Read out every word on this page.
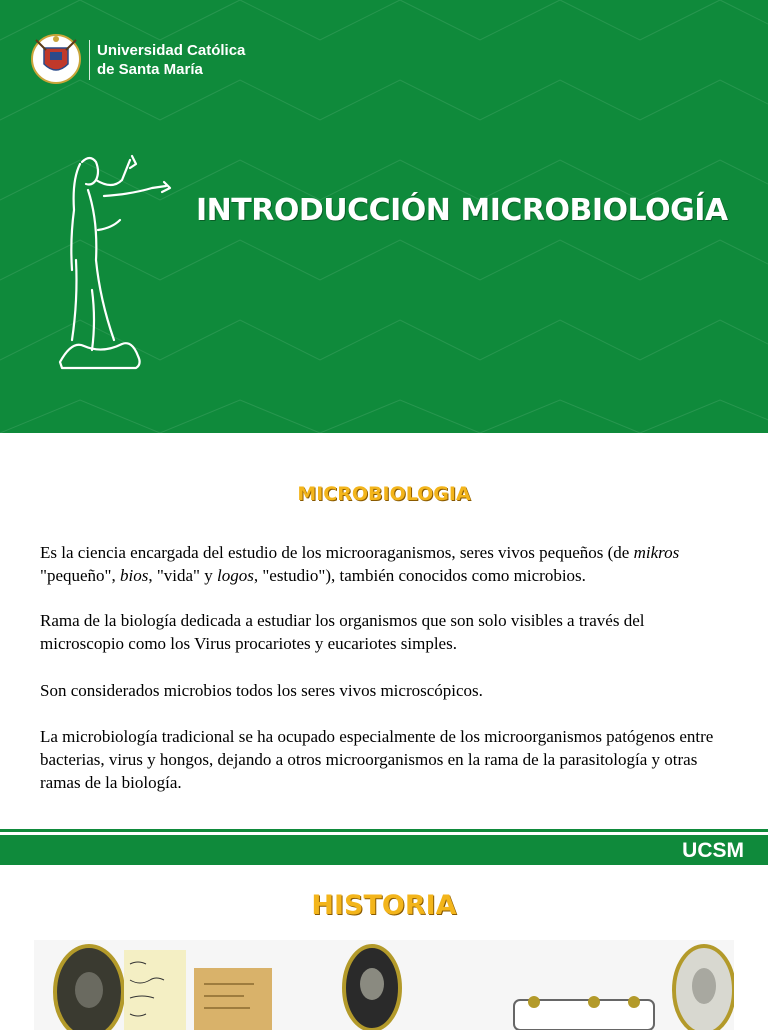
Universidad Católica
de Santa María
INTRODUCCIÓN MICROBIOLOGÍA
MICROBIOLOGIA

Es la ciencia encargada del estudio de los microoraganismos, seres vivos pequeños (de mikros "pequeño", bios, "vida" y logos, "estudio"), también conocidos como microbios.

Rama de la biología dedicada a estudiar los organismos que son solo visibles a través del microscopio como los Virus procariotes y eucariotes simples.

Son considerados microbios todos los seres vivos microscópicos.

La microbiología tradicional se ha ocupado especialmente de los microorganismos patógenos entre bacterias, virus y hongos, dejando a otros microorganismos en la rama de la parasitología y otras ramas de la biología.

UCSM
HISTORIA
